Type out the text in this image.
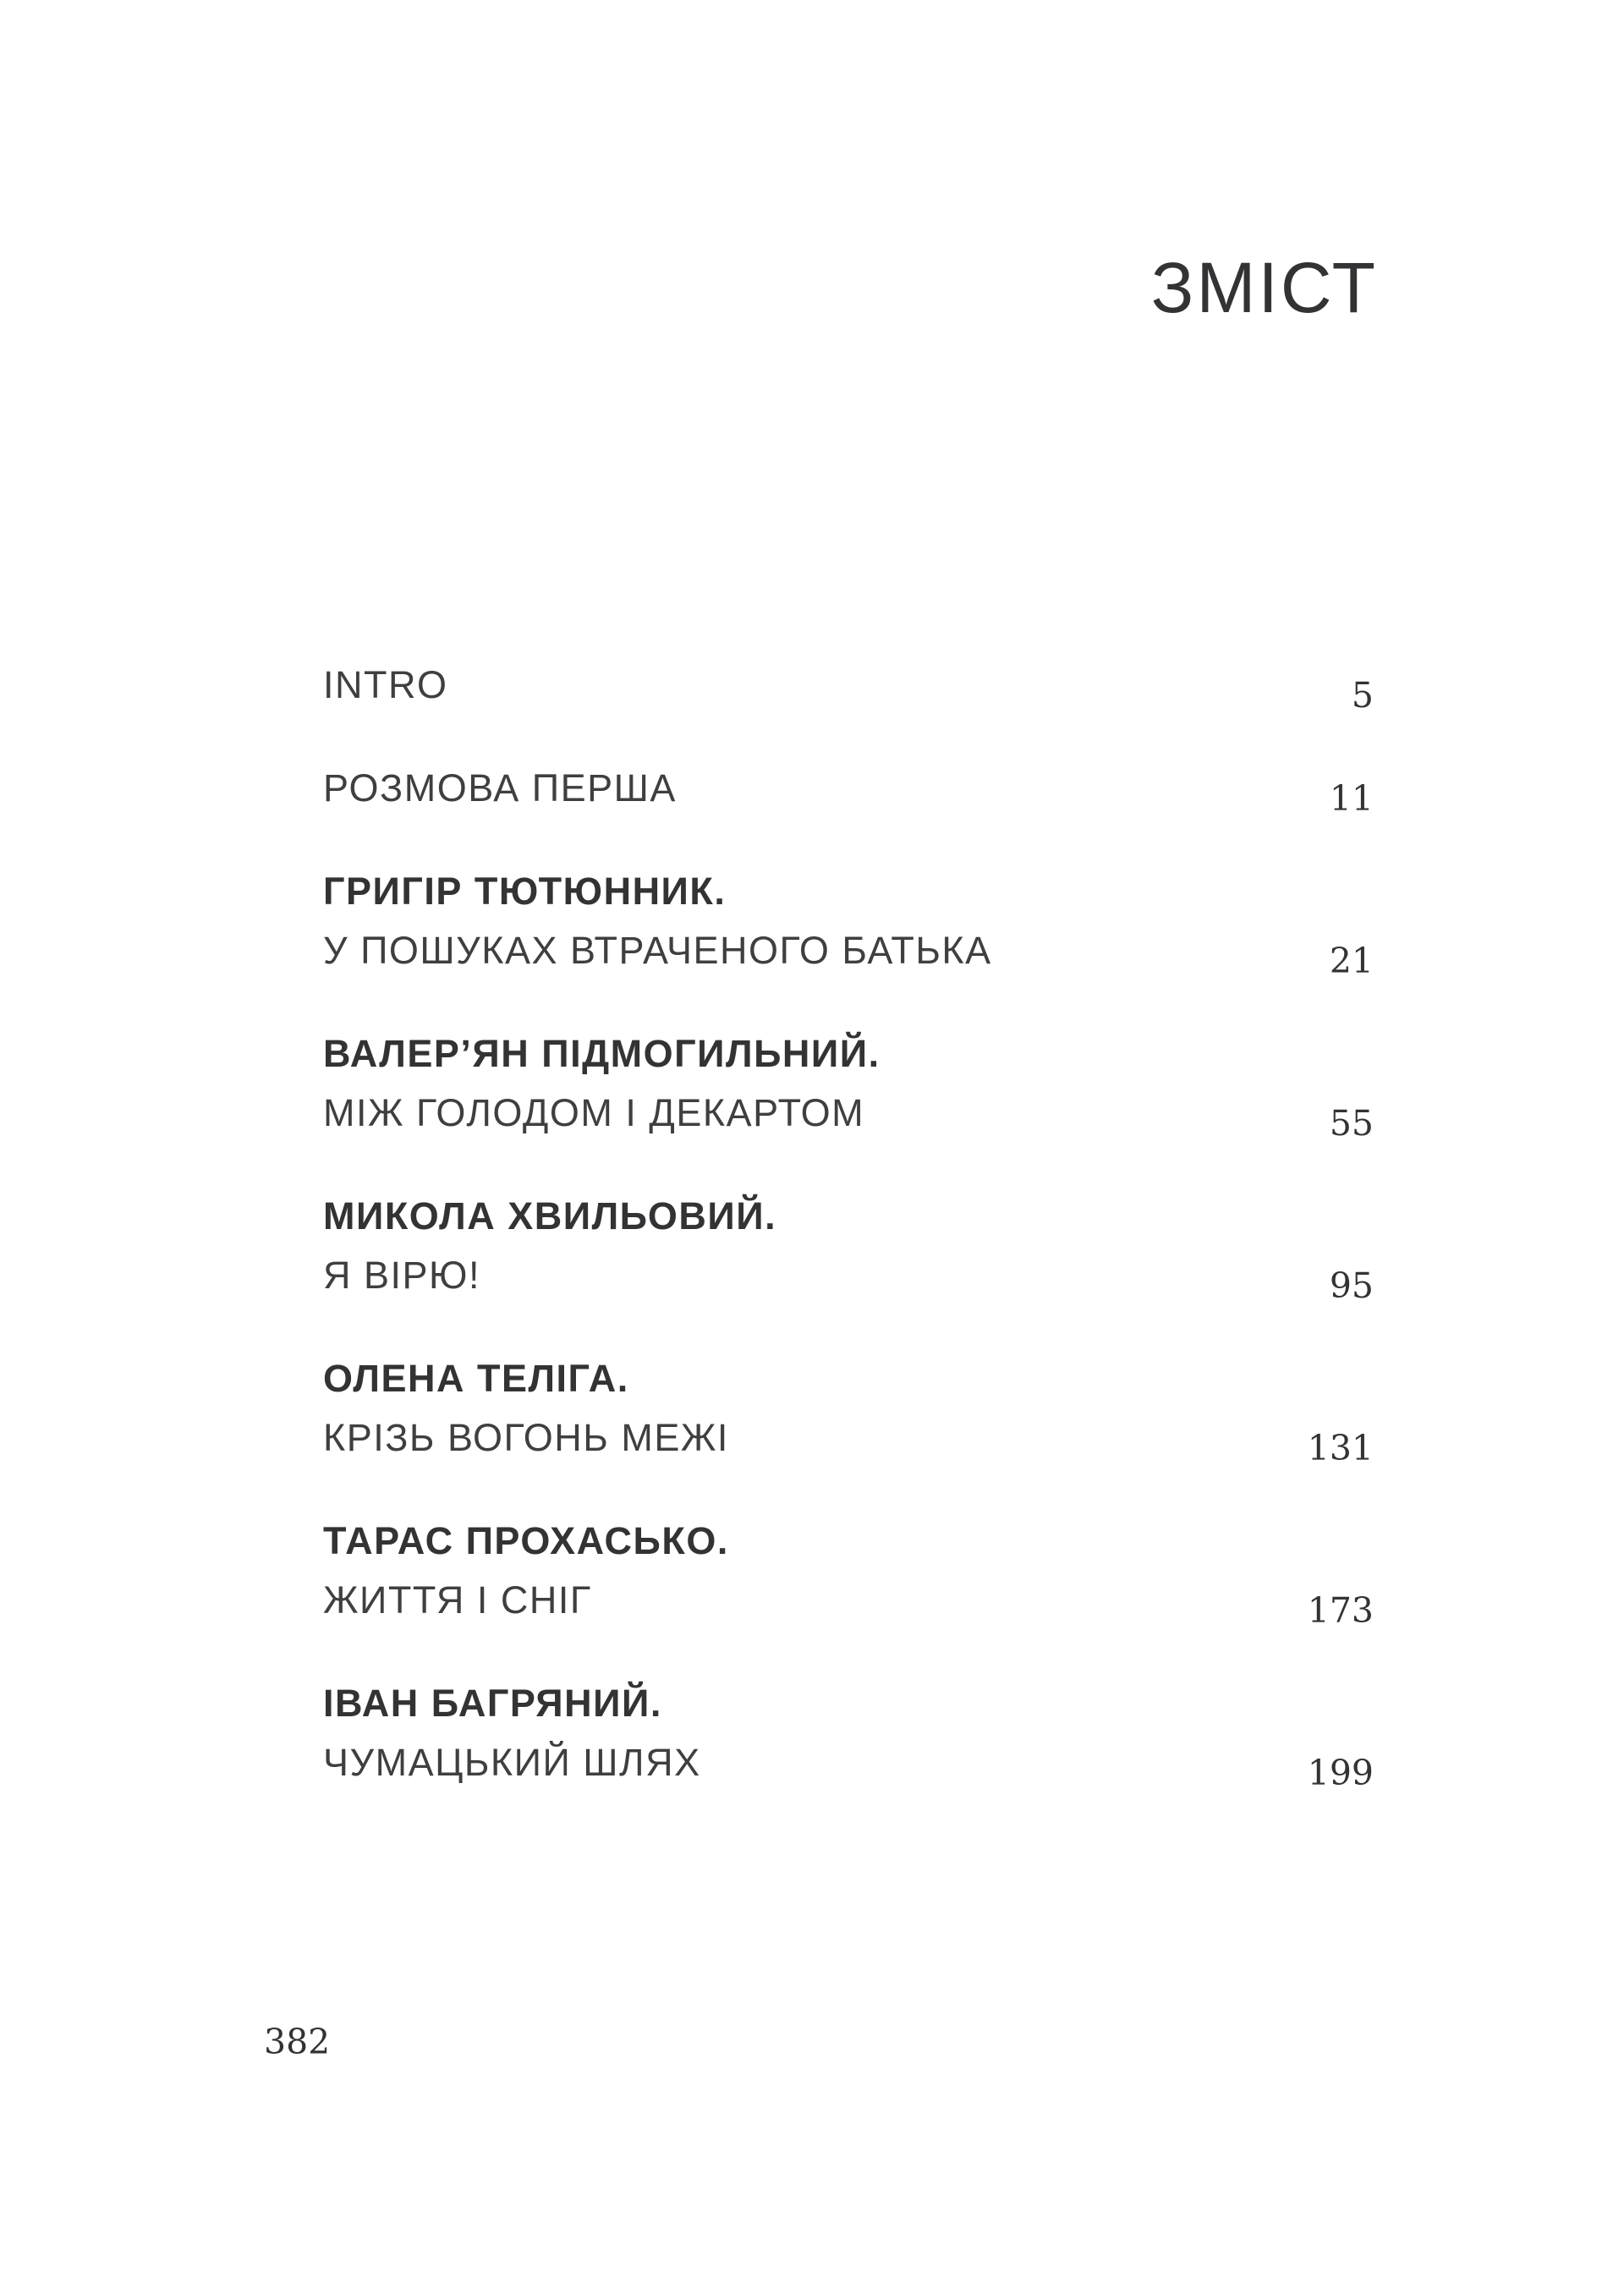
ЗМІСТ
INTRO	5
РОЗМОВА ПЕРША	11
ГРИГІР ТЮТЮННИК.
У ПОШУКАХ ВТРАЧЕНОГО БАТЬКА	21
ВАЛЕР’ЯН ПІДМОГИЛЬНИЙ.
МІЖ ГОЛОДОМ І ДЕКАРТОМ	55
МИКОЛА ХВИЛЬОВИЙ.
Я ВІРЮ!	95
ОЛЕНА ТЕЛІГА.
КРІЗЬ ВОГОНЬ МЕЖІ	131
ТАРАС ПРОХАСЬКО.
ЖИТТЯ І СНІГ	173
ІВАН БАГРЯНИЙ.
ЧУМАЦЬКИЙ ШЛЯХ	199
382
